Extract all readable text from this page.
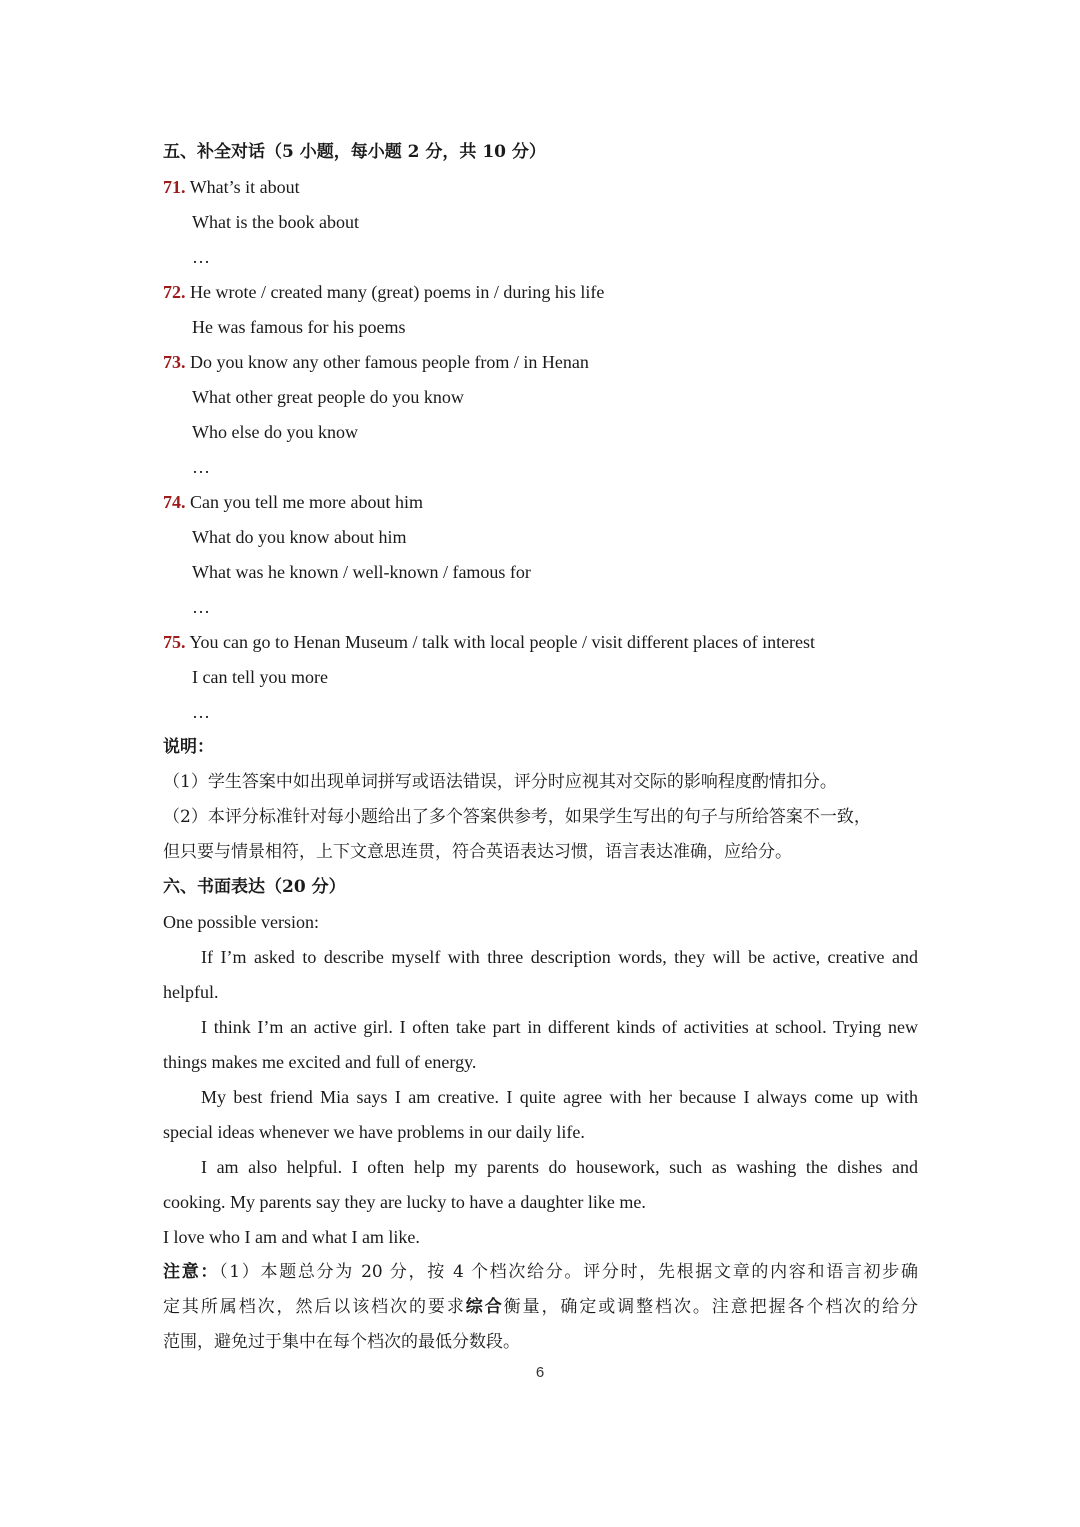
五、补全对话（5 小题，每小题 2 分，共 10 分）
71. What’s it about
What is the book about
…
72. He wrote / created many (great) poems in / during his life
He was famous for his poems
73. Do you know any other famous people from / in Henan
What other great people do you know
Who else do you know
…
74. Can you tell me more about him
What do you know about him
What was he known / well-known / famous for
…
75. You can go to Henan Museum / talk with local people / visit different places of interest
I can tell you more
…
说明：
（1）学生答案中如出现单词拼写或语法错误，评分时应视其对交际的影响程度酌情扣分。
（2）本评分标准针对每小题给出了多个答案供参考，如果学生写出的句子与所给答案不一致，
但只要与情景相符，上下文意思连贯，符合英语表达习惯，语言表达准确，应给分。
六、书面表达（20 分）
One possible version:
If I’m asked to describe myself with three description words, they will be active, creative and
helpful.
I think I’m an active girl. I often take part in different kinds of activities at school. Trying new
things makes me excited and full of energy.
My best friend Mia says I am creative. I quite agree with her because I always come up with
special ideas whenever we have problems in our daily life.
I am also helpful. I often help my parents do housework, such as washing the dishes and
cooking. My parents say they are lucky to have a daughter like me.
I love who I am and what I am like.
注意：（1）本题总分为 20 分，按 4 个档次给分。评分时，先根据文章的内容和语言初步确
定其所属档次，然后以该档次的要求综合衡量，确定或调整档次。注意把握各个档次的给分
范围，避免过于集中在每个档次的最低分数段。
6
